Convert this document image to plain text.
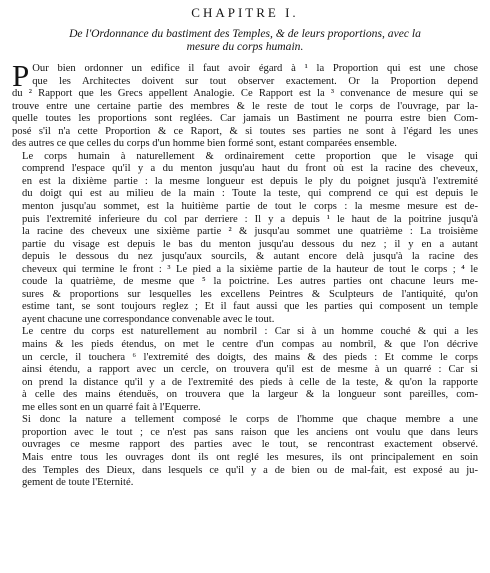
CHAPITRE I.
De l'Ordonnance du bastiment des Temples, & de leurs proportions, avec la
mesure du corps humain.
P Our bien ordonner un edifice il faut avoir égard à ¹ la Proportion qui est une chose
que les Architectes doivent sur tout observer exactement. Or la Proportion depend
du ² Rapport que les Grecs appellent Analogie. Ce Rapport est la ³ convenance de mesure qui se
trouve entre une certaine partie des membres & le reste de tout le corps de l'ouvrage, par la-
quelle toutes les proportions sont reglées. Car jamais un Bastiment ne pourra estre bien Com-
posé s'il n'a cette Proportion & ce Raport, & si toutes ses parties ne sont à l'égard les unes
des autres ce que celles du corps d'un homme bien formé sont, estant comparées ensemble.
Le corps humain à naturellement & ordinairement cette proportion que le visage qui
comprend l'espace qu'il y a du menton jusqu'au haut du front où est la racine des cheveux,
en est la dixième partie : la mesme longueur est depuis le ply du poignet jusqu'à l'extremité
du doigt qui est au milieu de la main : Toute la teste, qui comprend ce qui est depuis le
menton jusqu'au sommet, est la huitième partie de tout le corps : la mesme mesure est de-
puis l'extremité inferieure du col par derriere : Il y a depuis ¹ le haut de la poitrine jusqu'à
la racine des cheveux une sixième partie ² & jusqu'au sommet une quatrième : La troisième
partie du visage est depuis le bas du menton jusqu'au dessous du nez ; il y en a autant
depuis le dessous du nez jusqu'aux sourcils, & autant encore delà jusqu'à la racine des
cheveux qui termine le front : ³ Le pied a la sixième partie de la hauteur de tout le corps ; ⁴ le
coude la quatrième, de mesme que ⁵ la poictrine. Les autres parties ont chacune leurs me-
sures & proportions sur lesquelles les excellens Peintres & Sculpteurs de l'antiquité, qu'on
estime tant, se sont toujours reglez ; Et il faut aussi que les parties qui composent un temple
ayent chacune une correspondance convenable avec le tout.
Le centre du corps est naturellement au nombril : Car si à un homme couché & qui a les
mains & les pieds étendus, on met le centre d'un compas au nombril, & que l'on décrive
un cercle, il touchera ⁶ l'extremité des doigts, des mains & des pieds : Et comme le corps
ainsi étendu, a rapport avec un cercle, on trouvera qu'il est de mesme à un quarré : Car si
on prend la distance qu'il y a de l'extremité des pieds à celle de la teste, & qu'on la rapporte
à celle des mains étenduës, on trouvera que la largeur & la longueur sont pareilles, com-
me elles sont en un quarré fait à l'Equerre.
Si donc la nature a tellement composé le corps de l'homme que chaque membre a une
proportion avec le tout ; ce n'est pas sans raison que les anciens ont voulu que dans leurs
ouvrages ce mesme rapport des parties avec le tout, se rencontrast exactement observé.
Mais entre tous les ouvrages dont ils ont reglé les mesures, ils ont principalement en soin
des Temples des Dieux, dans lesquels ce qu'il y a de bien ou de mal-fait, est exposé au ju-
gement de toute l'Eternité.
